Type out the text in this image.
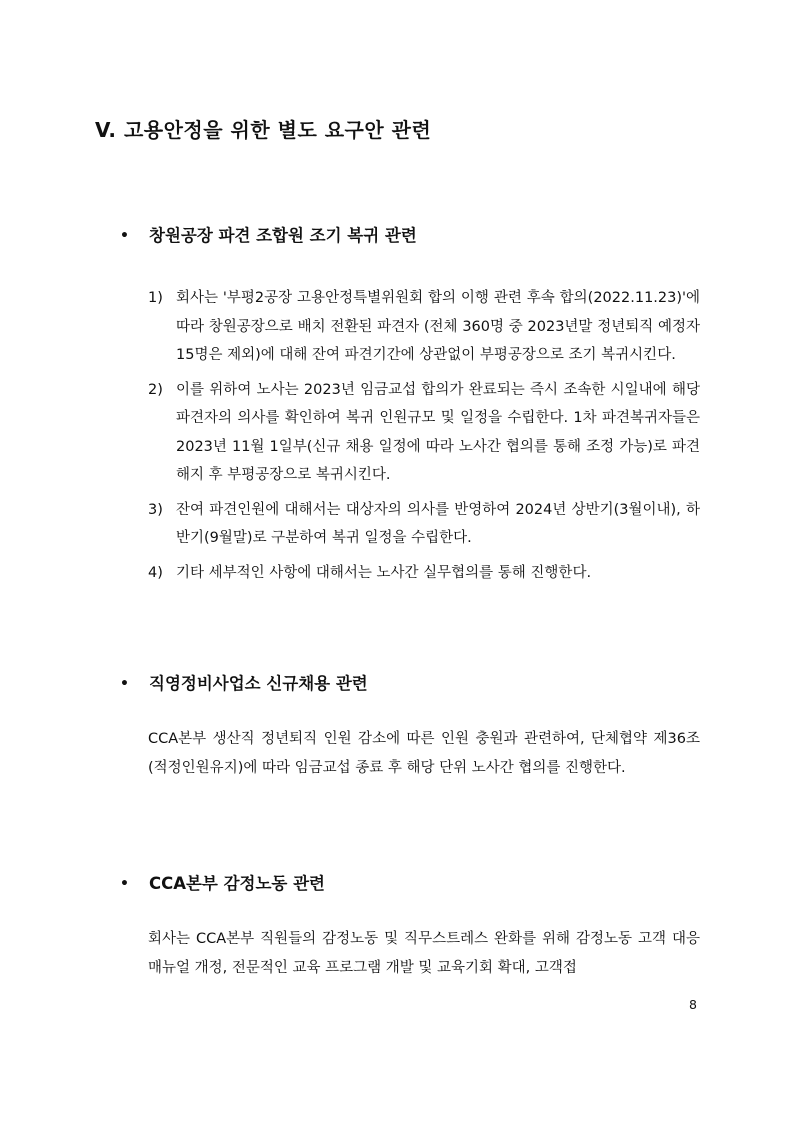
V. 고용안정을 위한 별도 요구안 관련
• 창원공장 파견 조합원 조기 복귀 관련
1) 회사는 '부평2공장 고용안정특별위원회 합의 이행 관련 후속 합의(2022.11.23)'에 따라 창원공장으로 배치 전환된 파견자 (전체 360명 중 2023년말 정년퇴직 예정자 15명은 제외)에 대해 잔여 파견기간에 상관없이 부평공장으로 조기 복귀시킨다.
2) 이를 위하여 노사는 2023년 임금교섭 합의가 완료되는 즉시 조속한 시일내에 해당 파견자의 의사를 확인하여 복귀 인원규모 및 일정을 수립한다. 1차 파견복귀자들은 2023년 11월 1일부(신규 채용 일정에 따라 노사간 협의를 통해 조정 가능)로 파견해지 후 부평공장으로 복귀시킨다.
3) 잔여 파견인원에 대해서는 대상자의 의사를 반영하여 2024년 상반기(3월이내), 하반기(9월말)로 구분하여 복귀 일정을 수립한다.
4) 기타 세부적인 사항에 대해서는 노사간 실무협의를 통해 진행한다.
• 직영정비사업소 신규채용 관련

CCA본부 생산직 정년퇴직 인원 감소에 따른 인원 충원과 관련하여, 단체협약 제36조(적정인원유지)에 따라 임금교섭 종료 후 해당 단위 노사간 협의를 진행한다.

• CCA본부 감정노동 관련

회사는 CCA본부 직원들의 감정노동 및 직무스트레스 완화를 위해 감정노동 고객 대응 매뉴얼 개정, 전문적인 교육 프로그램 개발 및 교육기회 확대, 고객접

8
